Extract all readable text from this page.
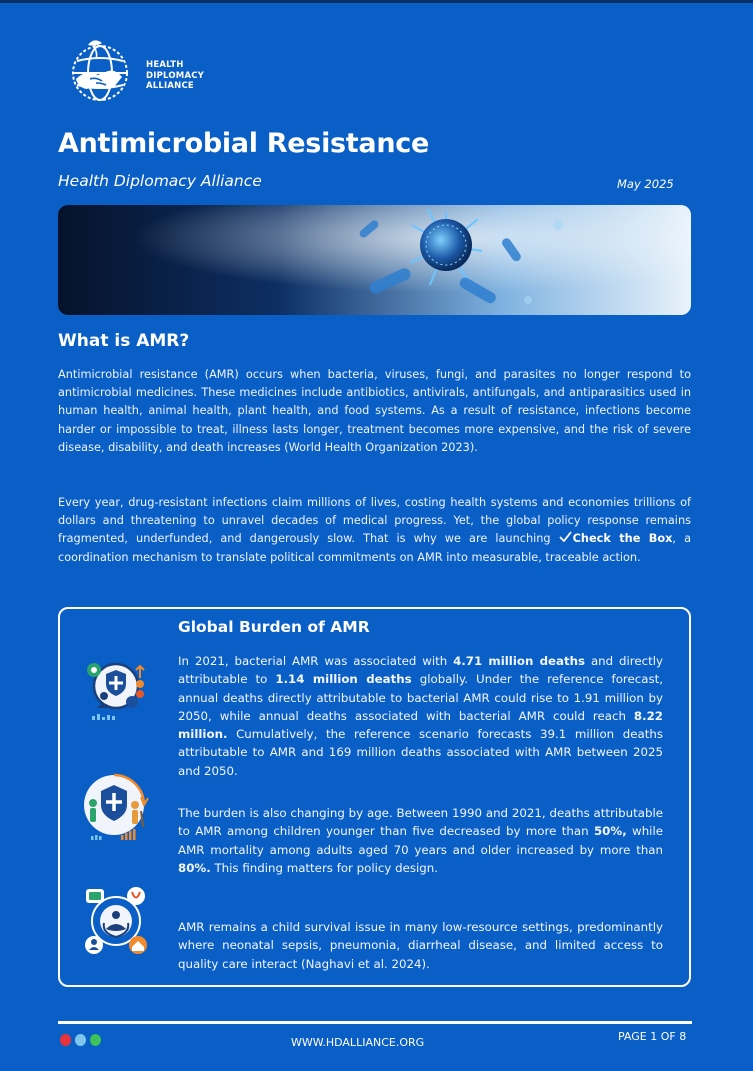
HEALTH
DIPLOMACY
ALLIANCE
Antimicrobial Resistance
Health Diplomacy Alliance	May 2025
What is AMR?
Antimicrobial resistance (AMR) occurs when bacteria, viruses, fungi, and parasites no longer respond to antimicrobial medicines. These medicines include antibiotics, antivirals, antifungals, and antiparasitics used in human health, animal health, plant health, and food systems. As a result of resistance, infections become harder or impossible to treat, illness lasts longer, treatment becomes more expensive, and the risk of severe disease, disability, and death increases (World Health Organization 2023).
Every year, drug-resistant infections claim millions of lives, costing health systems and economies trillions of dollars and threatening to unravel decades of medical progress. Yet, the global policy response remains fragmented, underfunded, and dangerously slow. That is why we are launching Check the Box, a coordination mechanism to translate political commitments on AMR into measurable, traceable action.
Global Burden of AMR
In 2021, bacterial AMR was associated with 4.71 million deaths and directly attributable to 1.14 million deaths globally. Under the reference forecast, annual deaths directly attributable to bacterial AMR could rise to 1.91 million by 2050, while annual deaths associated with bacterial AMR could reach 8.22 million. Cumulatively, the reference scenario forecasts 39.1 million deaths attributable to AMR and 169 million deaths associated with AMR between 2025 and 2050.
The burden is also changing by age. Between 1990 and 2021, deaths attributable to AMR among children younger than five decreased by more than 50%, while AMR mortality among adults aged 70 years and older increased by more than 80%. This finding matters for policy design.
AMR remains a child survival issue in many low-resource settings, predominantly where neonatal sepsis, pneumonia, diarrheal disease, and limited access to quality care interact (Naghavi et al. 2024).
WWW.HDALLIANCE.ORG	PAGE 1 OF 8
